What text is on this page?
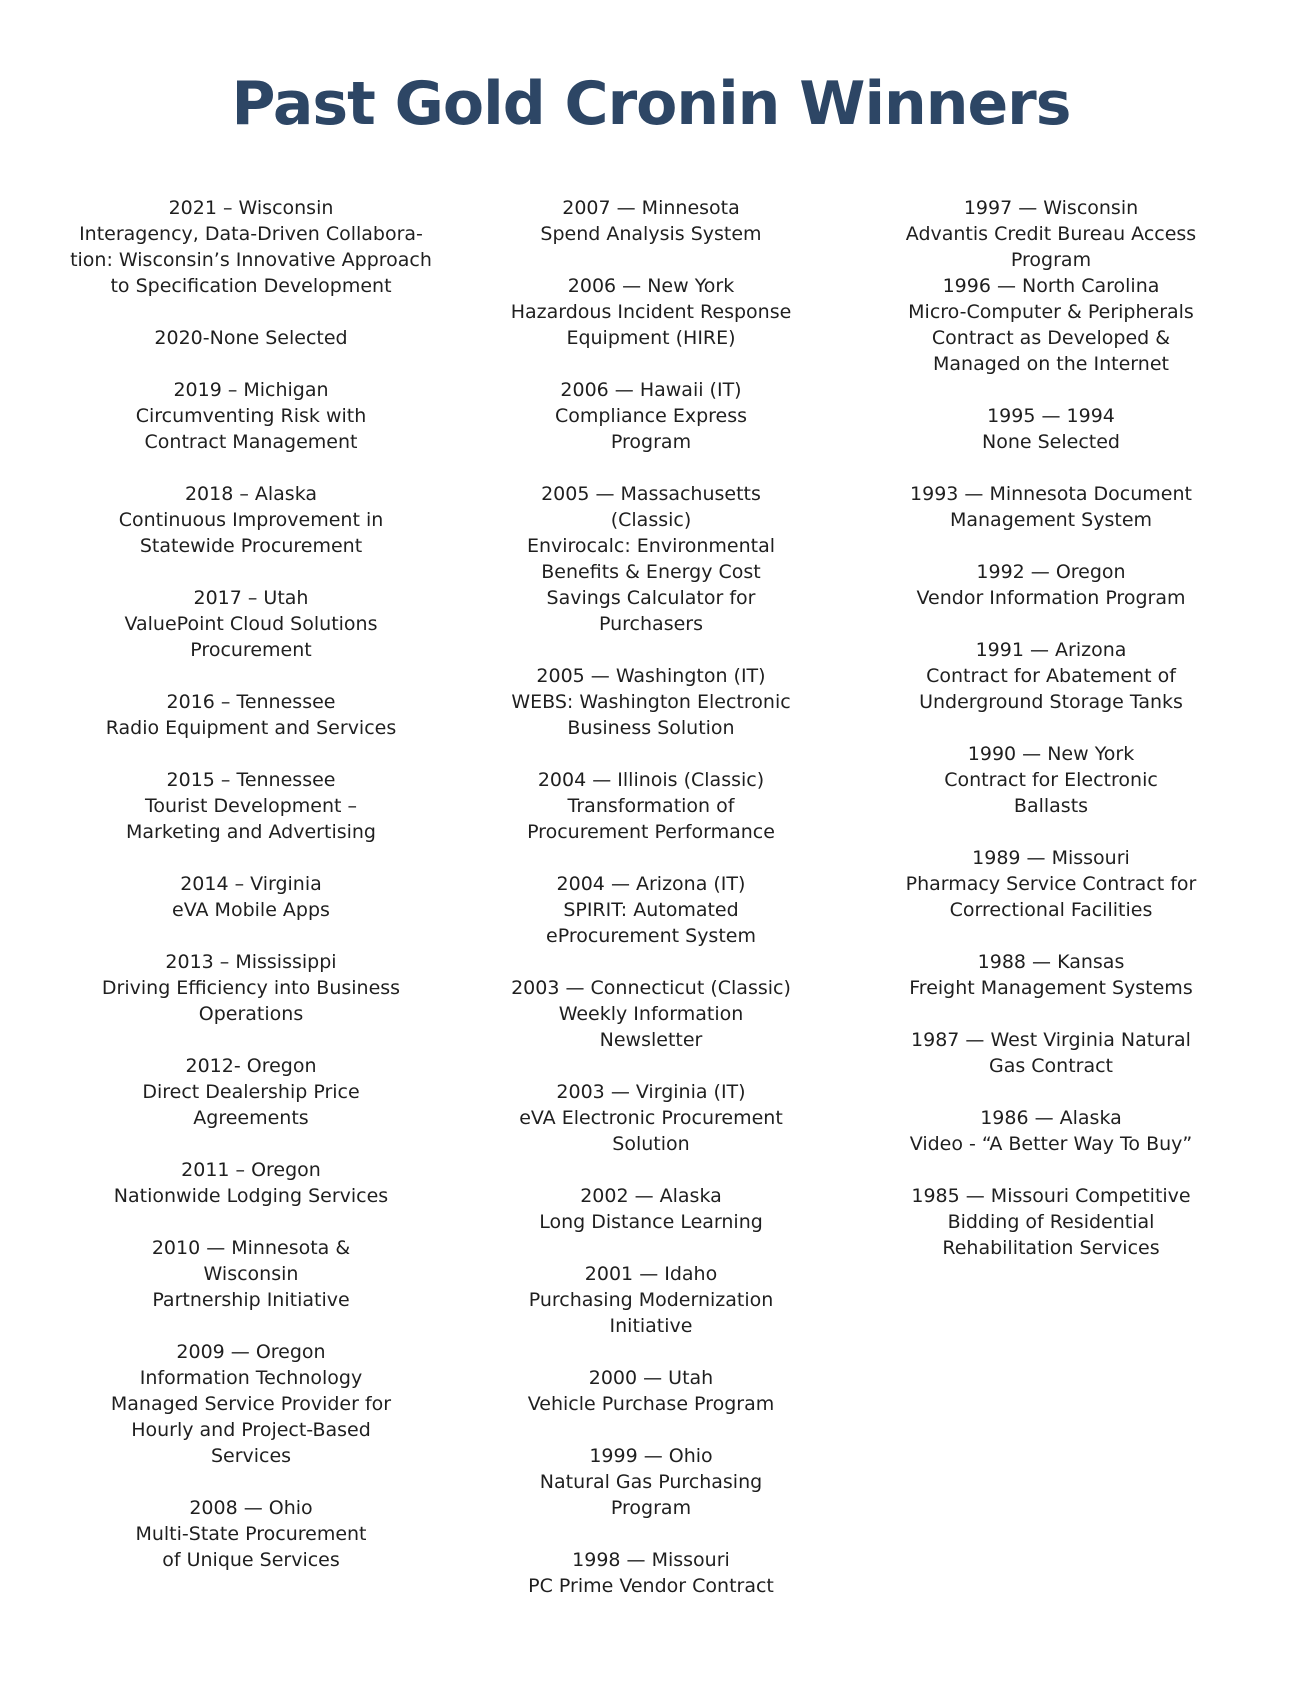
Past Gold Cronin Winners
2021 – Wisconsin
Interagency, Data-Driven Collabora-
tion: Wisconsin’s Innovative Approach
to Specification Development
2020-None Selected
2019 – Michigan
Circumventing Risk with
Contract Management
2018 – Alaska
Continuous Improvement in
Statewide Procurement
2017 – Utah
ValuePoint Cloud Solutions
Procurement
2016 – Tennessee
Radio Equipment and Services
2015 – Tennessee
Tourist Development –
Marketing and Advertising
2014 – Virginia
eVA Mobile Apps
2013 – Mississippi
Driving Efficiency into Business
Operations
2012- Oregon
Direct Dealership Price
Agreements
2011 – Oregon
Nationwide Lodging Services
2010 — Minnesota &
Wisconsin
Partnership Initiative
2009 — Oregon
Information Technology
Managed Service Provider for
Hourly and Project-Based
Services
2008 — Ohio
Multi-State Procurement
of Unique Services
2007 — Minnesota
Spend Analysis System
2006 — New York
Hazardous Incident Response
Equipment (HIRE)
2006 — Hawaii (IT)
Compliance Express
Program
2005 — Massachusetts
(Classic)
Envirocalc: Environmental
Benefits & Energy Cost
Savings Calculator for
Purchasers
2005 — Washington (IT)
WEBS: Washington Electronic
Business Solution
2004 — Illinois (Classic)
Transformation of
Procurement Performance
2004 — Arizona (IT)
SPIRIT: Automated
eProcurement System
2003 — Connecticut (Classic)
Weekly Information
Newsletter
2003 — Virginia (IT)
eVA Electronic Procurement
Solution
2002 — Alaska
Long Distance Learning
2001 — Idaho
Purchasing Modernization
Initiative
2000 — Utah
Vehicle Purchase Program
1999 — Ohio
Natural Gas Purchasing
Program
1998 — Missouri
PC Prime Vendor Contract
1997 — Wisconsin
Advantis Credit Bureau Access
Program
1996 — North Carolina
Micro-Computer & Peripherals
Contract as Developed &
Managed on the Internet
1995 — 1994
None Selected
1993 — Minnesota Document
Management System
1992 — Oregon
Vendor Information Program
1991 — Arizona
Contract for Abatement of
Underground Storage Tanks
1990 — New York
Contract for Electronic
Ballasts
1989 — Missouri
Pharmacy Service Contract for
Correctional Facilities
1988 — Kansas
Freight Management Systems
1987 — West Virginia Natural
Gas Contract
1986 — Alaska
Video - “A Better Way To Buy”
1985 — Missouri Competitive
Bidding of Residential
Rehabilitation Services
